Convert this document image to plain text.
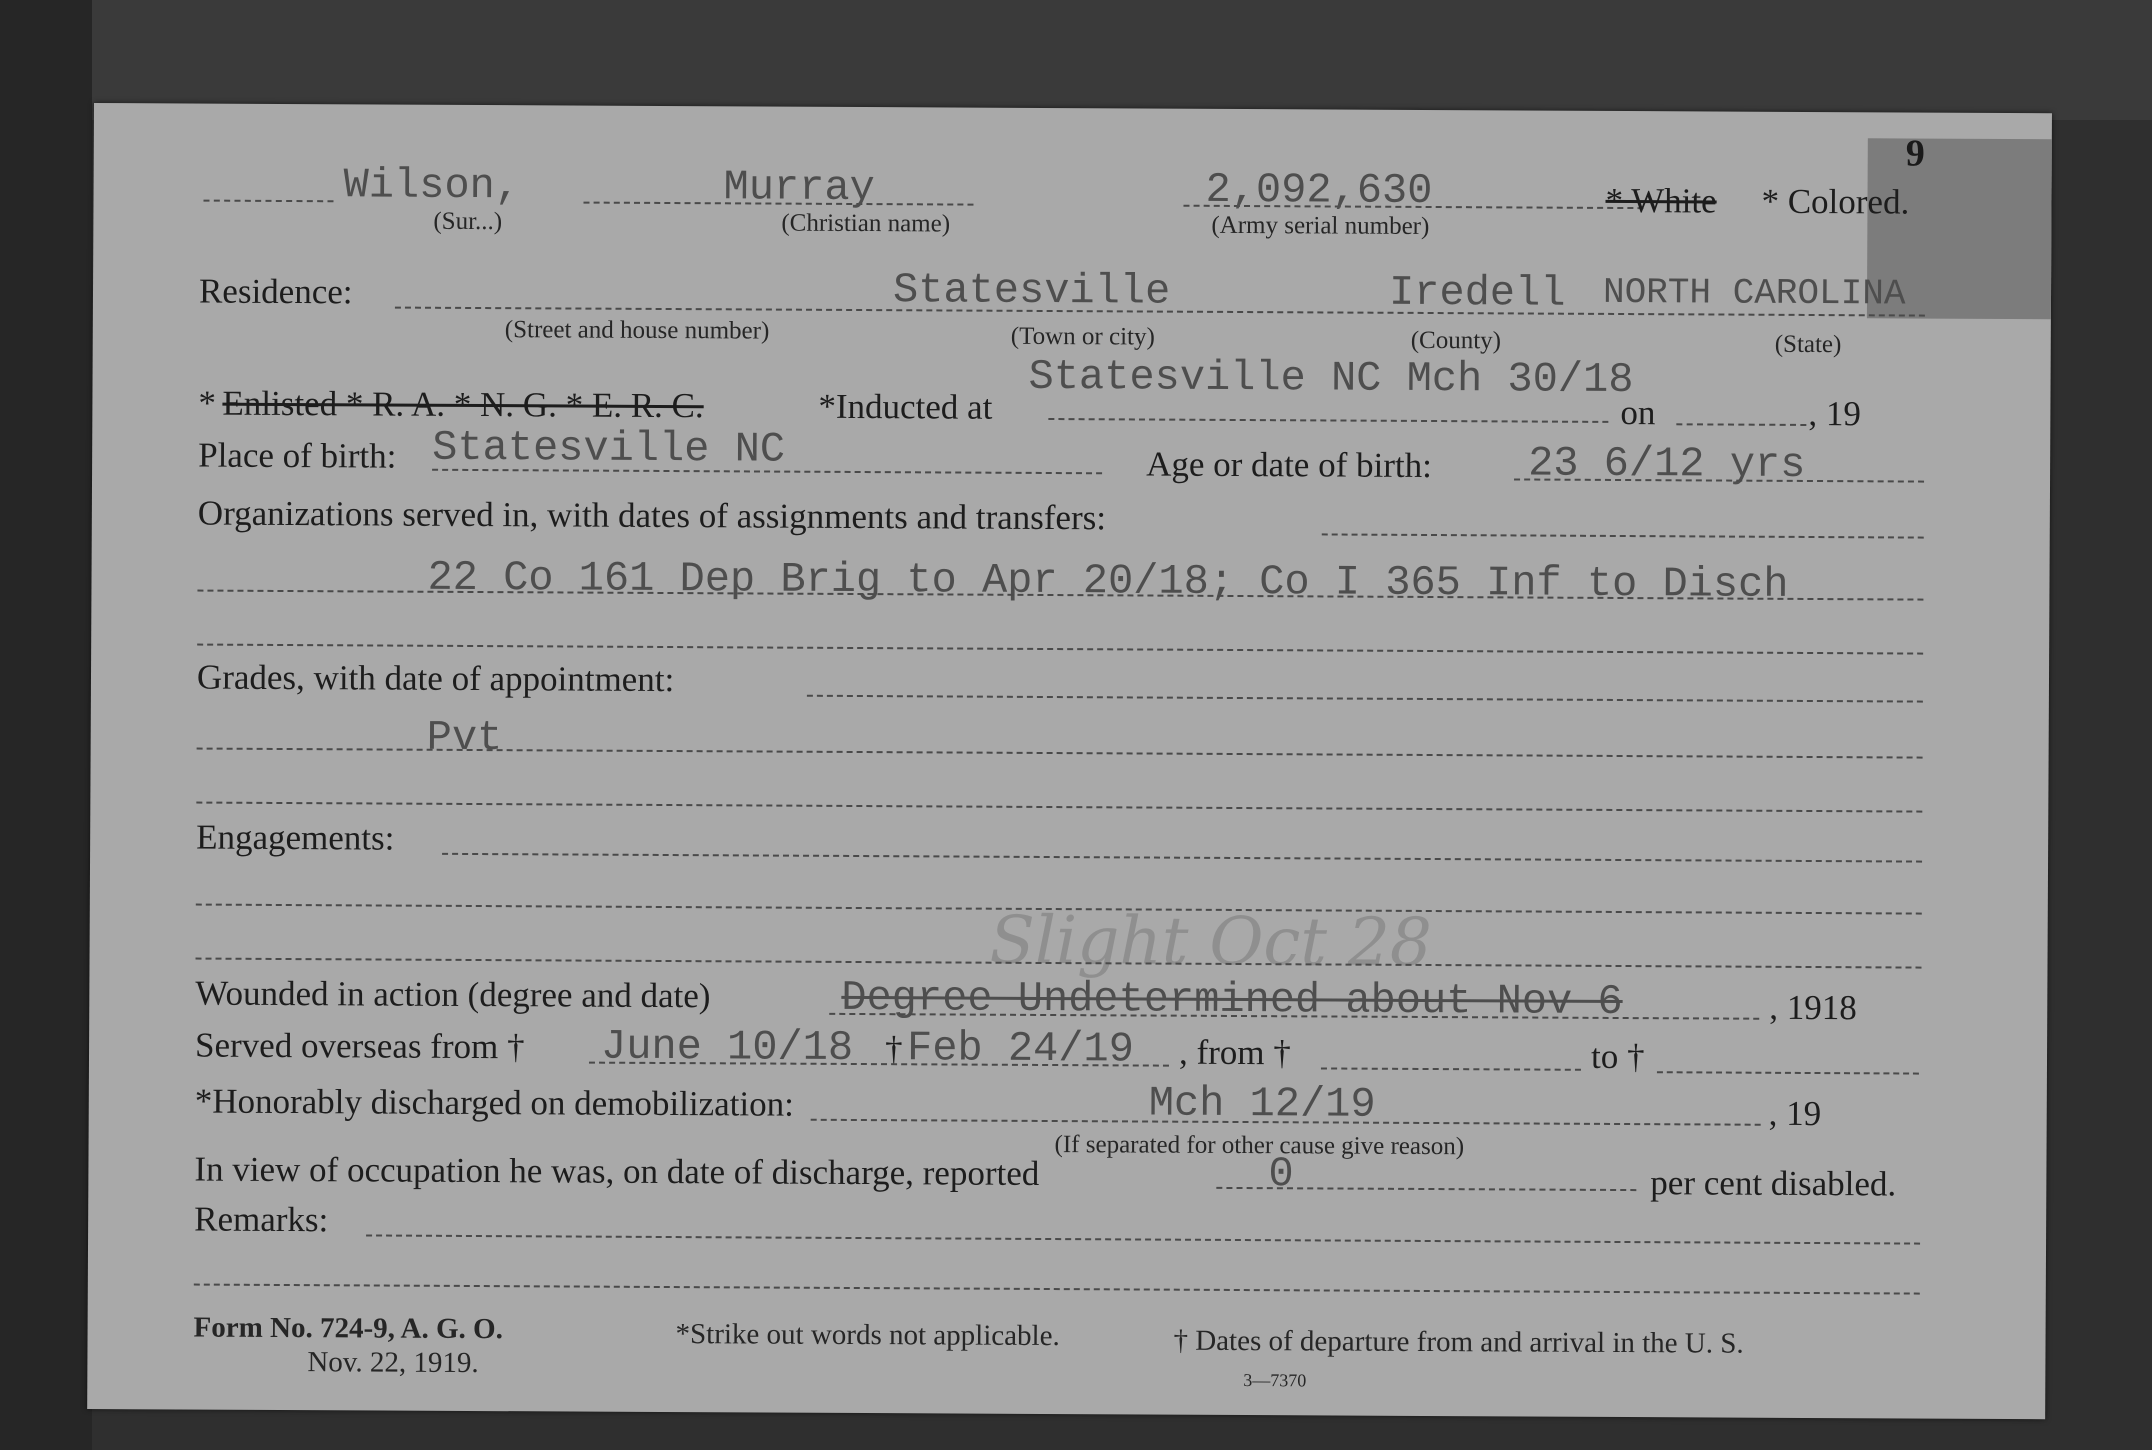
9
Wilson,
(Sur...)
Murray
(Christian name)
2,092,630
(Army serial number)
* White * Colored.
Residence:
(Street and house number)
Statesville
(Town or city)
Iredell
(County)
NORTH CAROLINA
(State)
* Enlisted * R. A. * N. G. * E. R. C.	*Inducted at
Statesville NC Mch 30/18
on	, 19
Place of birth: Statesville NC	Age or date of birth: 23 6/12 yrs
Organizations served in, with dates of assignments and transfers:
22 Co 161 Dep Brig to Apr 20/18; Co I 365 Inf to Disch
Grades, with date of appointment:
Pvt
Engagements:
Slight Oct 28
Wounded in action (degree and date)	Degree Undetermined about Nov 6	, 1918
Served overseas from † June 10/18 † Feb 24/19 , from †	to †
*Honorably discharged on demobilization:	Mch 12/19	, 19
(If separated for other cause give reason)
In view of occupation he was, on date of discharge, reported	0	per cent disabled.
Remarks:
Form No. 724-9, A. G. O.
Nov. 22, 1919.
*Strike out words not applicable.	† Dates of departure from and arrival in the U. S.
3—7370
